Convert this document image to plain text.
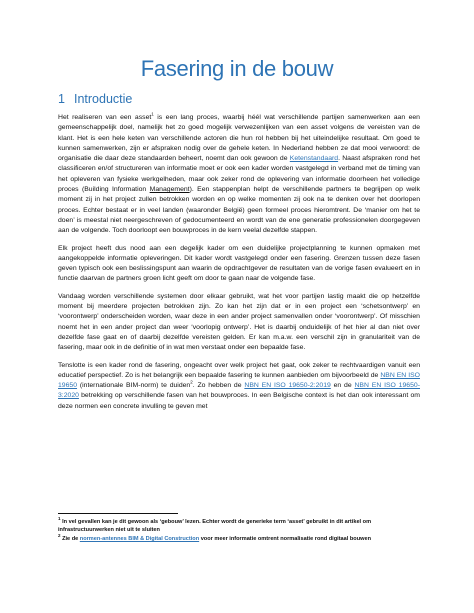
Fasering in de bouw
1 Introductie

Het realiseren van een asset$^1$ is een lang proces, waarbij héél wat verschillende partijen samenwerken aan een gemeenschappelijk doel, namelijk het zo goed mogelijk verwezenlijken van een asset volgens de vereisten van de klant. Het is een hele keten van verschillende actoren die hun rol hebben bij het uiteindelijke resultaat. Om goed te kunnen samenwerken, zijn er afspraken nodig over de gehele keten. In Nederland hebben ze dat mooi verwoord: de organisatie die daar deze standaarden beheert, noemt dan ook gewoon de Ketenstandaard. Naast afspraken rond het classificeren en/of structureren van informatie moet er ook een kader worden vastgelegd in verband met de timing van het opleveren van fysieke werkgelheden, maar ook zeker rond de oplevering van informatie doorheen het volledige proces (Building Information Management). Een stappenplan helpt de verschillende partners te begrijpen op welk moment zij in het project zullen betrokken worden en op welke momenten zij ook na te denken over het doorlopen proces. Echter bestaat er in veel landen (waaronder België) geen formeel proces hieromtrent. De ‘manier om het te doen’ is meestal niet neergeschreven of gedocumenteerd en wordt van de ene generatie professionelen doorgegeven aan de volgende. Toch doorloopt een bouwproces in de kern veelal dezelfde stappen.

Elk project heeft dus nood aan een degelijk kader om een duidelijke projectplanning te kunnen opmaken met aangekoppelde informatie opleveringen. Dit kader wordt vastgelegd onder een fasering. Grenzen tussen deze fasen geven typisch ook een beslissingspunt aan waarin de opdrachtgever de resultaten van de vorige fasen evalueert en in functie daarvan de partners groen licht geeft om door te gaan naar de volgende fase.

Vandaag worden verschillende systemen door elkaar gebruikt, wat het voor partijen lastig maakt die op hetzelfde moment bij meerdere projecten betrokken zijn. Zo kan het zijn dat er in een project een ‘schetsontwerp’ en ‘voorontwerp’ onderscheiden worden, waar deze in een ander project samenvallen onder ‘voorontwerp’. Of misschien noemt het in een ander project dan weer ‘voorlopig ontwerp’. Het is daarbij onduidelijk of het hier al dan niet over dezelfde fase gaat en of daarbij dezelfde vereisten gelden. Er kan m.a.w. een verschil zijn in granulariteit van de fasering, maar ook in de definitie of in wat men verstaat onder een bepaalde fase.

Tenslotte is een kader rond de fasering, ongeacht over welk project het gaat, ook zeker te rechtvaardigen vanuit een educatief perspectief. Zo is het belangrijk een bepaalde fasering te kunnen aanbieden om bijvoorbeeld de NBN EN ISO 19650 (internationale BIM-norm) te duiden$^2$. Zo hebben de NBN EN ISO 19650-2:2019 en de NBN EN ISO 19650-3:2020 betrekking op verschillende fasen van het bouwproces. In een Belgische context is het dan ook interessant om deze normen een concrete invulling te geven met

$^1$ In vel gevallen kan je dit gewoon als ‘gebouw’ lezen. Echter wordt de generieke term ‘asset’ gebruikt in dit artikel om infrastructuurwerken niet uit te sluiten

$^2$ Zie de normen-antennes BIM & Digital Construction voor meer informatie omtrent normalisatie rond digitaal bouwen
